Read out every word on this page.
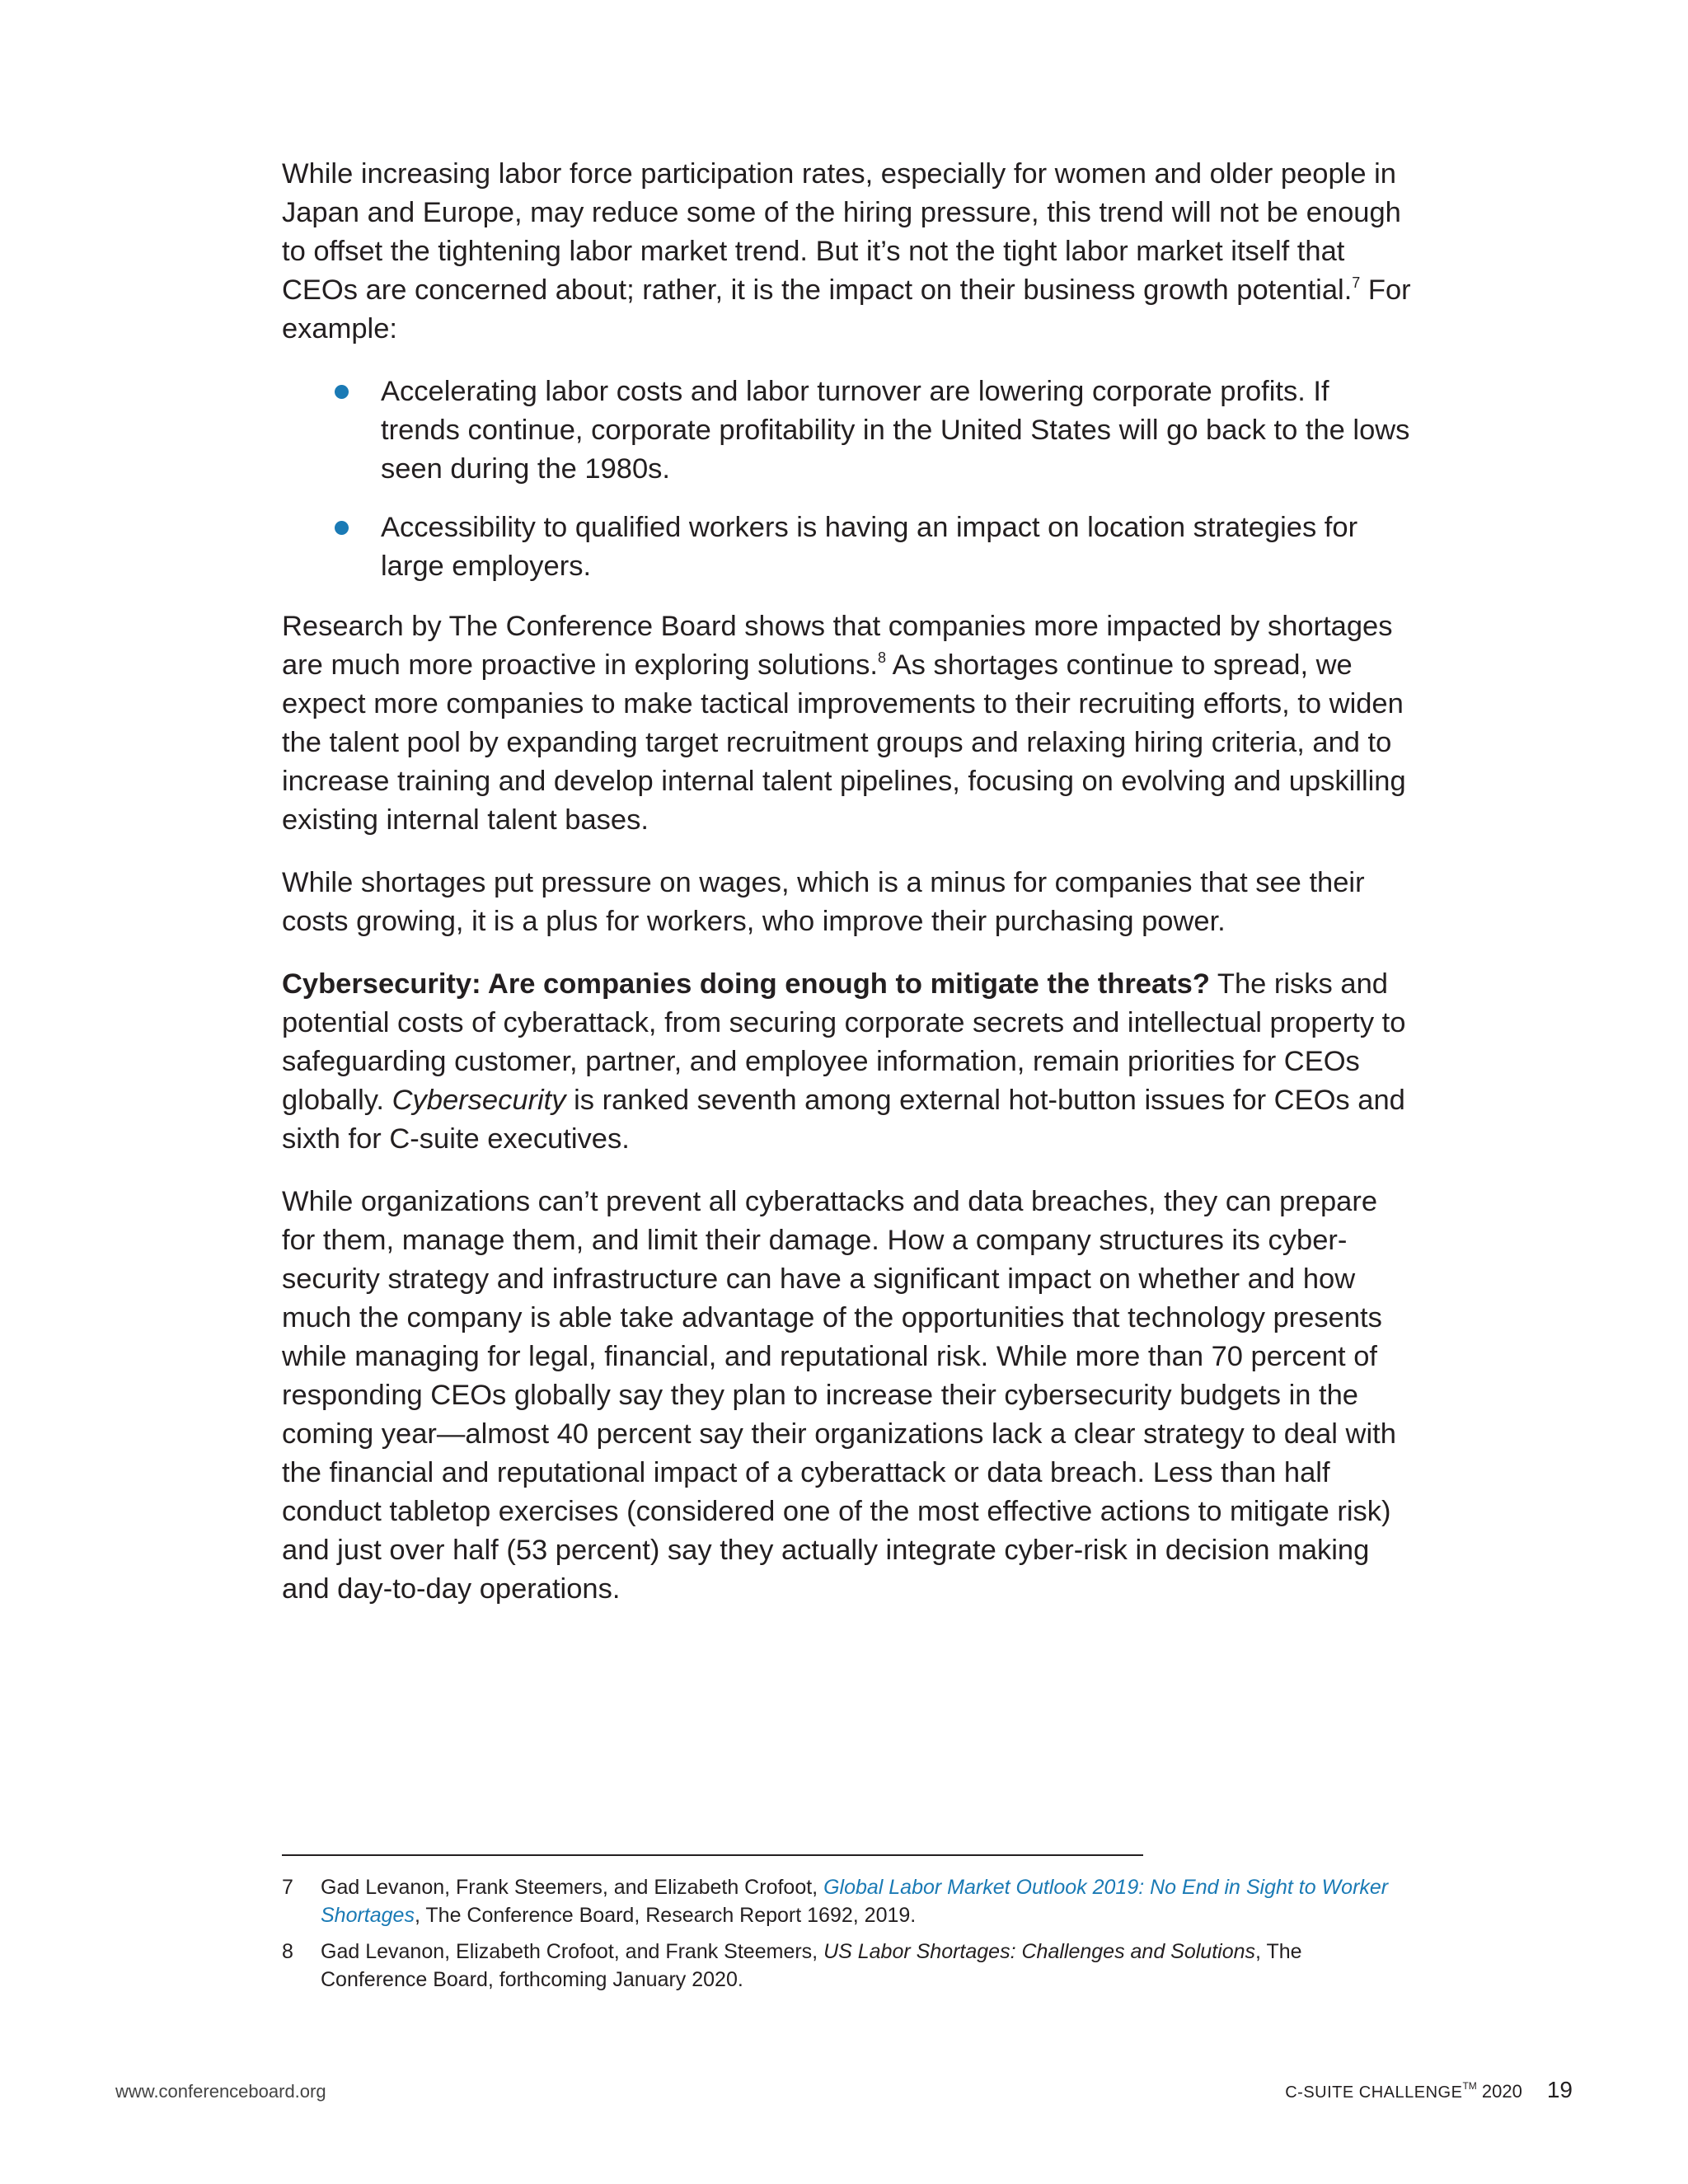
While increasing labor force participation rates, especially for women and older people in Japan and Europe, may reduce some of the hiring pressure, this trend will not be enough to offset the tightening labor market trend. But it’s not the tight labor market itself that CEOs are concerned about; rather, it is the impact on their business growth potential.$^7$ For example:

Accelerating labor costs and labor turnover are lowering corporate profits. If trends continue, corporate profitability in the United States will go back to the lows seen during the 1980s.
Accessibility to qualified workers is having an impact on location strategies for large employers.

Research by The Conference Board shows that companies more impacted by shortages are much more proactive in exploring solutions.$^8$ As shortages continue to spread, we expect more companies to make tactical improvements to their recruiting efforts, to widen the talent pool by expanding target recruitment groups and relaxing hiring criteria, and to increase training and develop internal talent pipelines, focusing on evolving and upskilling existing internal talent bases.

While shortages put pressure on wages, which is a minus for companies that see their costs growing, it is a plus for workers, who improve their purchasing power.

Cybersecurity: Are companies doing enough to mitigate the threats? The risks and potential costs of cyberattack, from securing corporate secrets and intellectual property to safeguarding customer, partner, and employee information, remain priorities for CEOs globally. Cybersecurity is ranked seventh among external hot-button issues for CEOs and sixth for C-suite executives.

While organizations can’t prevent all cyberattacks and data breaches, they can prepare for them, manage them, and limit their damage. How a company structures its cyber-security strategy and infrastructure can have a significant impact on whether and how much the company is able take advantage of the opportunities that technology presents while managing for legal, financial, and reputational risk. While more than 70 percent of responding CEOs globally say they plan to increase their cybersecurity budgets in the coming year—almost 40 percent say their organizations lack a clear strategy to deal with the financial and reputational impact of a cyberattack or data breach. Less than half conduct tabletop exercises (considered one of the most effective actions to mitigate risk) and just over half (53 percent) say they actually integrate cyber-risk in decision making and day-to-day operations.

7 Gad Levanon, Frank Steemers, and Elizabeth Crofoot, Global Labor Market Outlook 2019: No End in Sight to Worker Shortages, The Conference Board, Research Report 1692, 2019.
8 Gad Levanon, Elizabeth Crofoot, and Frank Steemers, US Labor Shortages: Challenges and Solutions, The Conference Board, forthcoming January 2020.
www.conferenceboard.org	C-SUITE CHALLENGE™ 2020 19
